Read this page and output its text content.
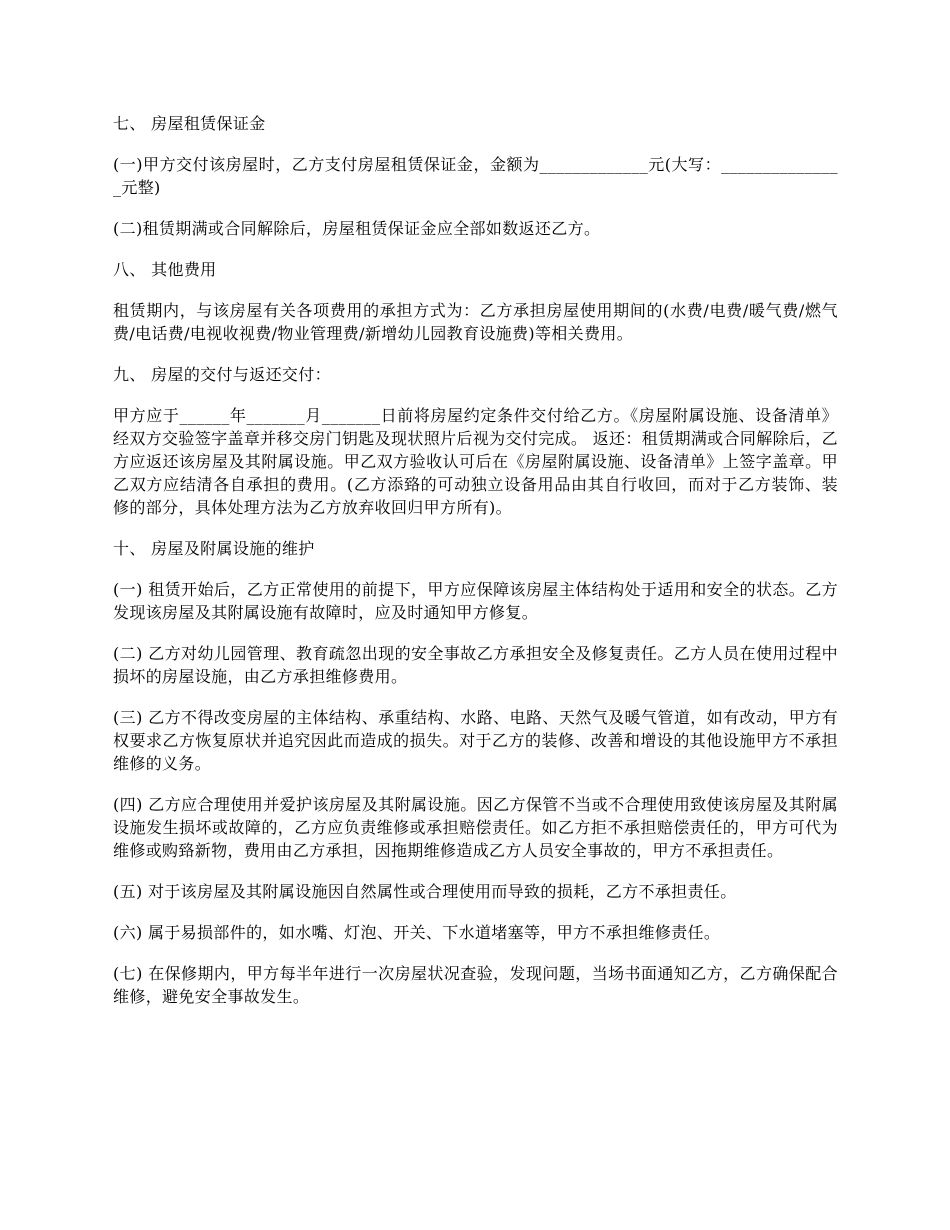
七、 房屋租赁保证金

(一)甲方交付该房屋时，乙方支付房屋租赁保证金，金额为_____________元(大写：_______________元整)

(二)租赁期满或合同解除后，房屋租赁保证金应全部如数返还乙方。

八、 其他费用

租赁期内，与该房屋有关各项费用的承担方式为：乙方承担房屋使用期间的(水费/电费/暖气费/燃气费/电话费/电视收视费/物业管理费/新增幼儿园教育设施费)等相关费用。

九、 房屋的交付与返还交付：

甲方应于______年_______月_______日前将房屋约定条件交付给乙方。《房屋附属设施、设备清单》经双方交验签字盖章并移交房门钥匙及现状照片后视为交付完成。 返还：租赁期满或合同解除后，乙方应返还该房屋及其附属设施。甲乙双方验收认可后在《房屋附属设施、设备清单》上签字盖章。甲乙双方应结清各自承担的费用。(乙方添臵的可动独立设备用品由其自行收回，而对于乙方装饰、装修的部分，具体处理方法为乙方放弃收回归甲方所有)。

十、 房屋及附属设施的维护

(一) 租赁开始后，乙方正常使用的前提下，甲方应保障该房屋主体结构处于适用和安全的状态。乙方发现该房屋及其附属设施有故障时，应及时通知甲方修复。

(二) 乙方对幼儿园管理、教育疏忽出现的安全事故乙方承担安全及修复责任。乙方人员在使用过程中损坏的房屋设施，由乙方承担维修费用。

(三) 乙方不得改变房屋的主体结构、承重结构、水路、电路、天然气及暖气管道，如有改动，甲方有权要求乙方恢复原状并追究因此而造成的损失。对于乙方的装修、改善和增设的其他设施甲方不承担维修的义务。

(四) 乙方应合理使用并爱护该房屋及其附属设施。因乙方保管不当或不合理使用致使该房屋及其附属设施发生损坏或故障的，乙方应负责维修或承担赔偿责任。如乙方拒不承担赔偿责任的，甲方可代为维修或购臵新物，费用由乙方承担，因拖期维修造成乙方人员安全事故的，甲方不承担责任。

(五) 对于该房屋及其附属设施因自然属性或合理使用而导致的损耗，乙方不承担责任。

(六) 属于易损部件的，如水嘴、灯泡、开关、下水道堵塞等，甲方不承担维修责任。

(七) 在保修期内，甲方每半年进行一次房屋状况查验，发现问题，当场书面通知乙方，乙方确保配合维修，避免安全事故发生。
